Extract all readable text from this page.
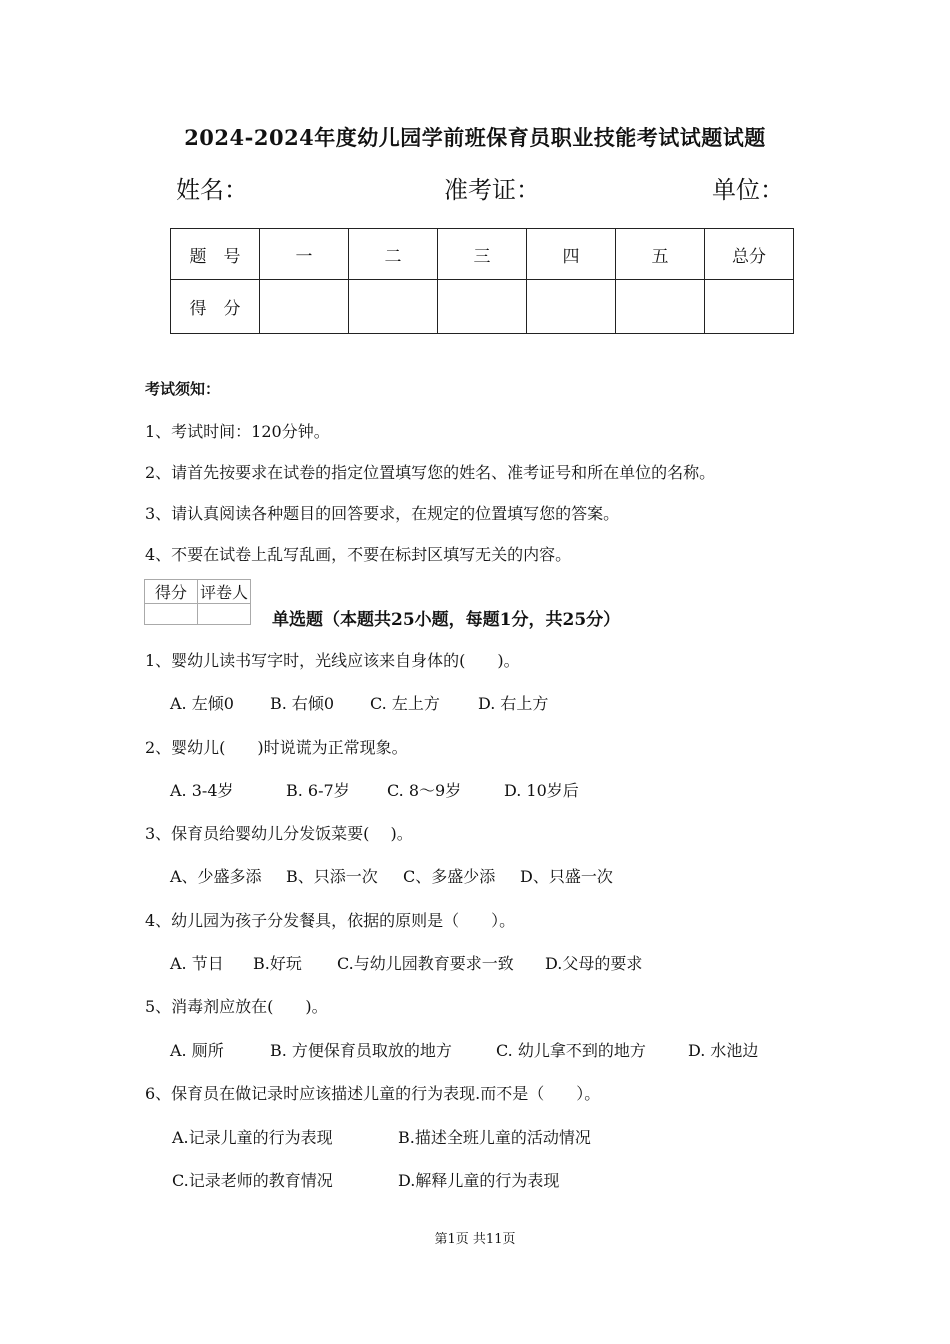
2024-2024年度幼儿园学前班保育员职业技能考试试题试题
姓名：	准考证：	单位：
题　号	一	二	三	四	五	总分
得　分						
考试须知：
1、考试时间：120分钟。
2、请首先按要求在试卷的指定位置填写您的姓名、准考证号和所在单位的名称。
3、请认真阅读各种题目的回答要求，在规定的位置填写您的答案。
4、不要在试卷上乱写乱画，不要在标封区填写无关的内容。
得分	评卷人

单选题（本题共25小题，每题1分，共25分）
1、婴幼儿读书写字时，光线应该来自身体的(　　)。
A. 左倾0 B. 右倾0 C. 左上方 D. 右上方
2、婴幼儿(　　)时说谎为正常现象。
A. 3-4岁	B. 6-7岁 C. 8～9岁	D. 10岁后
3、保育员给婴幼儿分发饭菜要(　 )。
A、少盛多添 B、只添一次 C、多盛少添 D、只盛一次
4、幼儿园为孩子分发餐具，依据的原则是（　　）。
A. 节日 B.好玩 C.与幼儿园教育要求一致 D.父母的要求
5、消毒剂应放在(　　)。
A. 厕所	B. 方便保育员取放的地方	C. 幼儿拿不到的地方	D. 水池边
6、保育员在做记录时应该描述儿童的行为表现.而不是（　　）。
A.记录儿童的行为表现	B.描述全班儿童的活动情况
C.记录老师的教育情况	D.解释儿童的行为表现
第1页 共11页
